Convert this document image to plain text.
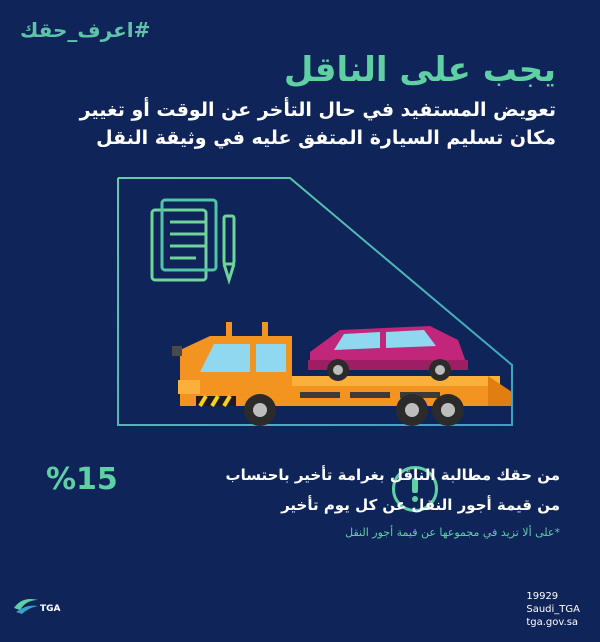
#اعرف_حقك
يجب على الناقل
تعويض المستفيد في حال التأخر عن الوقت أو تغيير مكان تسليم السيارة المتفق عليه في وثيقة النقل
%15	من حقك مطالبة الناقل بغرامة تأخير باحتساب
من قيمة أجور النقل عن كل يوم تأخير
*على ألا تزيد في مجموعها عن قيمة أجور النقل
TGA
19929
Saudi_TGA
tga.gov.sa
